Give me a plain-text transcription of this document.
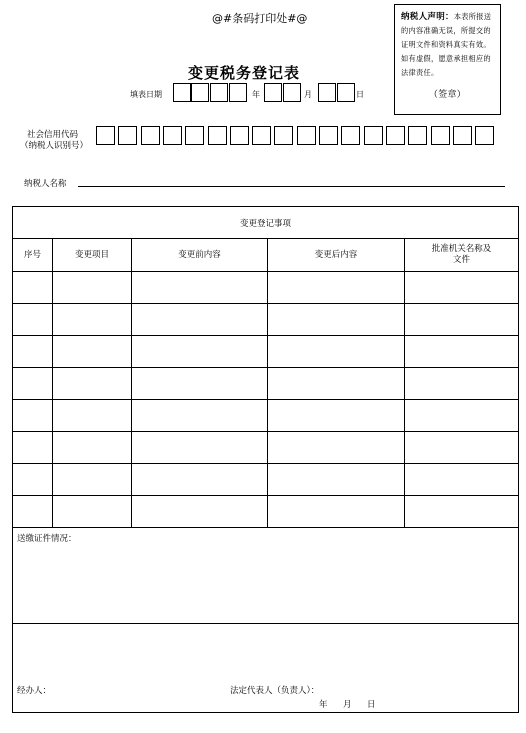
@#条码打印处#@	纳税人声明：本表所报送的内容准确无误，所提交的证明文件和资料真实有效。如有虚假，愿意承担相应的法律责任。
（签章）
变更税务登记表
填表日期	年	月	日
社会信用代码
（纳税人识别号）
纳税人名称
变更登记事项				
序号	变更项目	变更前内容	变更后内容	批准机关名称及文件

送缴证件情况：				

经办人： 法定代表人（负责人）：
年 月 日				
